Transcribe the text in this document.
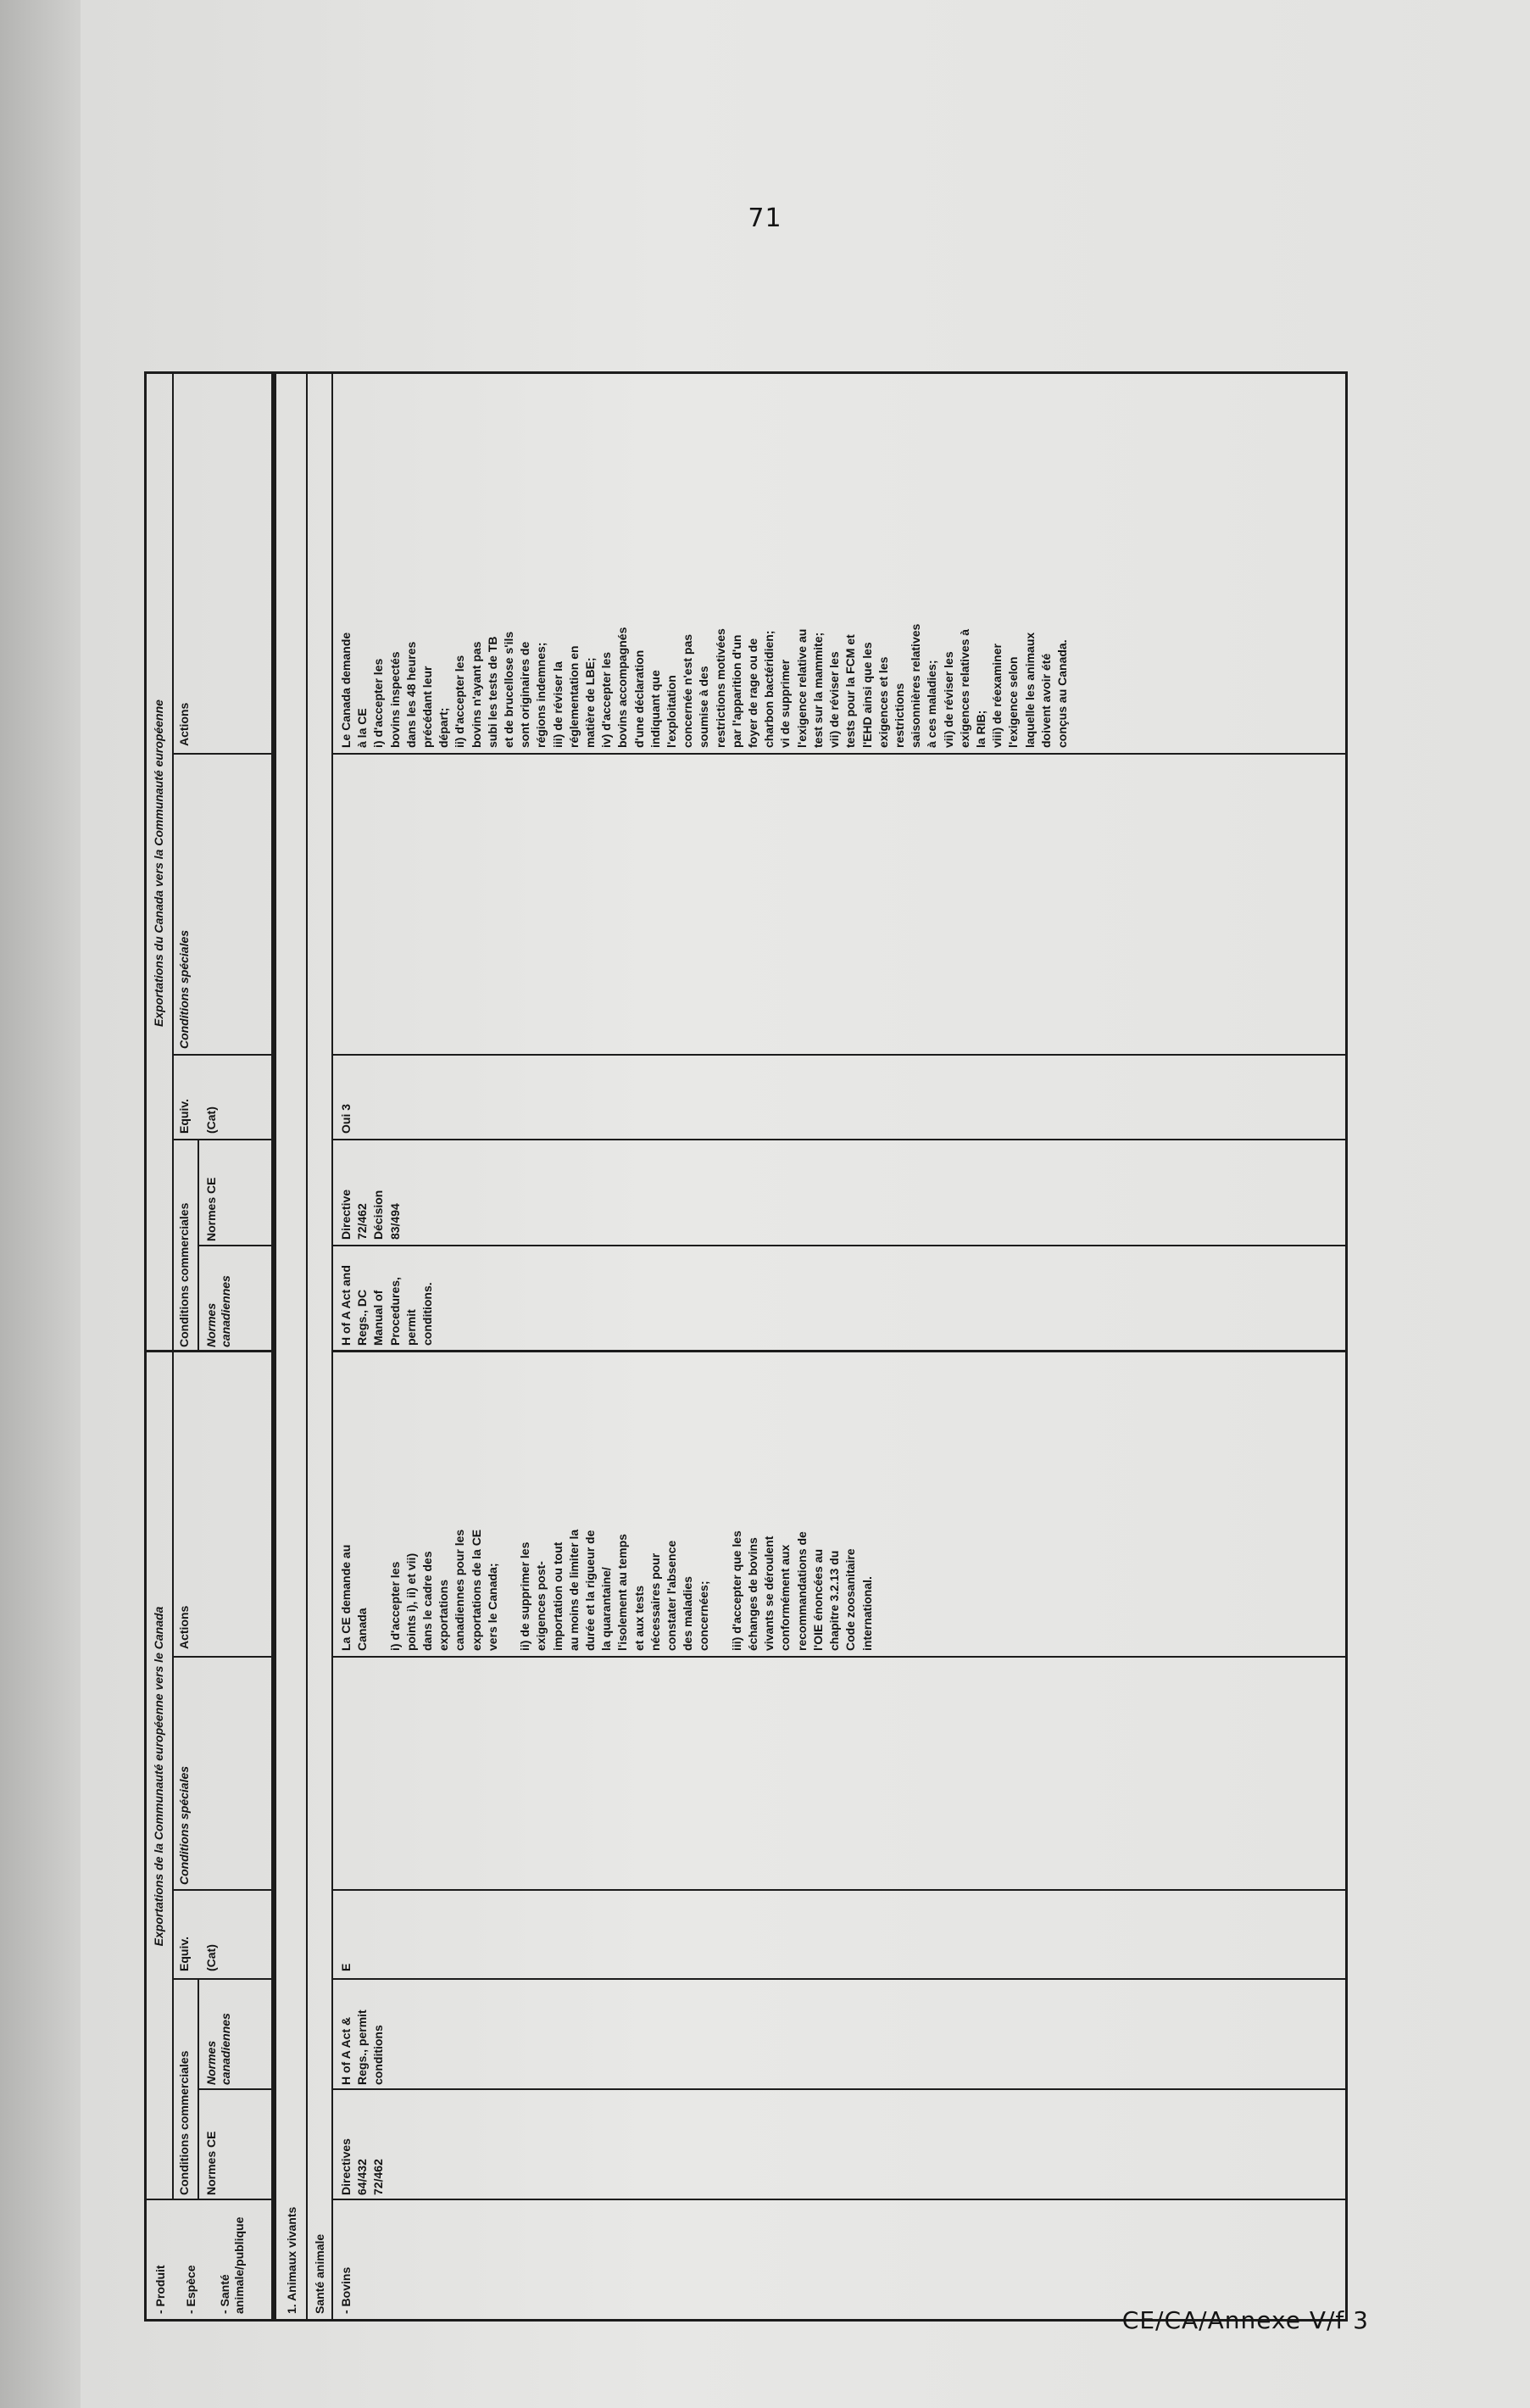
71
- Produit - Espèce - Santé animale/publique
Exportations de la Communauté européenne vers le Canada
Conditions commerciales Normes CE
Normes canadiennes
Equiv. (Cat)
Conditions spéciales
Actions
Exportations du Canada vers la Communauté européenne
Conditions commerciales Normes canadiennes
Normes CE
Equiv. (Cat)
Conditions spéciales
Actions
1. Animaux vivants Santé animale - Bovins
Directives
64/432
72/462
H of A Act &
Regs., permit
conditions
E
La CE demande au
Canada

i) d'accepter les
points i), ii) et vii)
dans le cadre des
exportations
canadiennes pour les
exportations de la CE
vers le Canada;

ii) de supprimer les
exigences post-
importation ou tout
au moins de limiter la
durée et la rigueur de
la quarantaine/
l'isolement au temps
et aux tests
nécessaires pour
constater l'absence
des maladies
concernées;

iii) d'accepter que les
échanges de bovins
vivants se déroulent
conformément aux
recommandations de
l'OIE énoncées au
chapitre 3.2.13 du
Code zoosanitaire
international.
H of A Act and
Regs., DC
Manual of
Procedures,
permit
conditions.
Directive
72/462
Décision
83/494
Oui 3
Le Canada demande
à la CE
i) d'accepter les
bovins inspectés
dans les 48 heures
précédant leur
départ;
ii) d'accepter les
bovins n'ayant pas
subi les tests de TB
et de brucellose s'ils
sont originaires de
régions indemnes;
iii) de réviser la
réglementation en
matière de LBE;
iv) d'accepter les
bovins accompagnés
d'une déclaration
indiquant que
l'exploitation
concernée n'est pas
soumise à des
restrictions motivées
par l'apparition d'un
foyer de rage ou de
charbon bactéridien;
vi de supprimer
l'exigence relative au
test sur la mammite;
vii) de réviser les
tests pour la FCM et
l'EHD ainsi que les
exigences et les
restrictions
saisonnières relatives
à ces maladies;
vii) de réviser les
exigences relatives à
la RIB;
viii) de réexaminer
l'exigence selon
laquelle les animaux
doivent avoir été
conçus au Canada.
CE/CA/Annexe V/f 3
